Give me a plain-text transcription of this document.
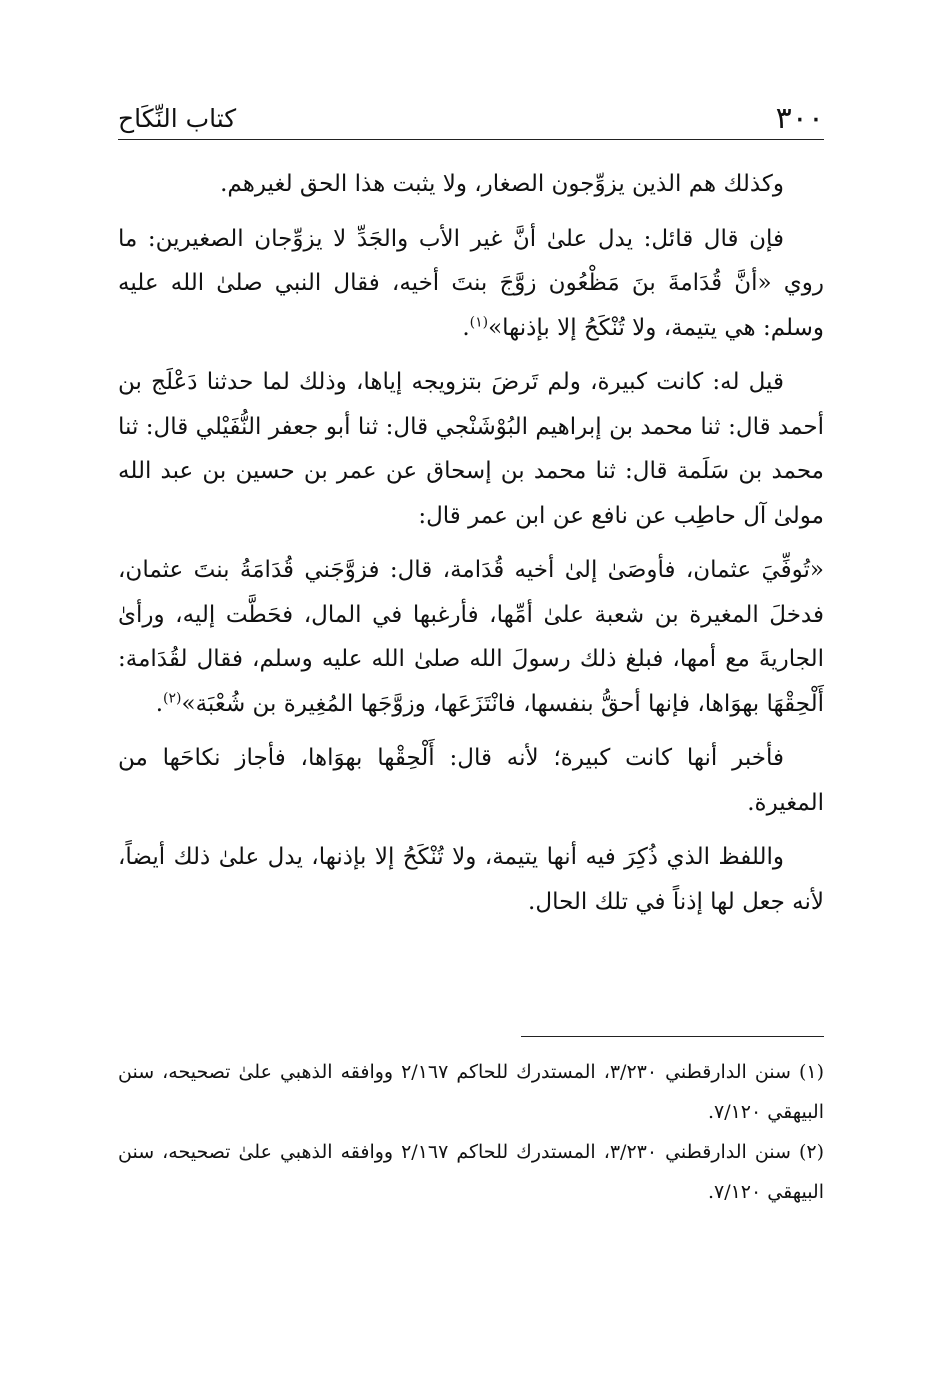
٣٠٠
كتاب النِّكَاح

وكذلك هم الذين يزوِّجون الصغار، ولا يثبت هذا الحق لغيرهم.

فإن قال قائل: يدل علىٰ أنَّ غير الأب والجَدِّ لا يزوِّجان الصغيرين: ما روي «أنَّ قُدَامةَ بنَ مَظْعُون زوَّجَ بنتَ أخيه، فقال النبي صلىٰ الله عليه وسلم: هي يتيمة، ولا تُنْكَحُ إلا بإذنها»$^{(١)}$.

قيل له: كانت كبيرة، ولم تَرضَ بتزويجه إياها، وذلك لما حدثنا دَعْلَج بن أحمد قال: ثنا محمد بن إبراهيم البُوْشَنْجي قال: ثنا أبو جعفر النُّفَيْلي قال: ثنا محمد بن سَلَمة قال: ثنا محمد بن إسحاق عن عمر بن حسين بن عبد الله مولىٰ آل حاطِب عن نافع عن ابن عمر قال:

«تُوفِّيَ عثمان، فأوصَىٰ إلىٰ أخيه قُدَامة، قال: فزوَّجَني قُدَامَةُ بنتَ عثمان، فدخلَ المغيرة بن شعبة علىٰ أمِّها، فأرغبها في المال، فحَطَّت إليه، ورأىٰ الجاريةَ مع أمها، فبلغ ذلك رسولَ الله صلىٰ الله عليه وسلم، فقال لقُدَامة: أَلْحِقْهَا بهوَاها، فإنها أحقُّ بنفسها، فانْتَزَعَها، وزوَّجَها المُغِيرة بن شُعْبَة»$^{(٢)}$.

فأخبر أنها كانت كبيرة؛ لأنه قال: أَلْحِقْها بهوَاها، فأجاز نكاحَها من المغيرة.

واللفظ الذي ذُكِرَ فيه أنها يتيمة، ولا تُنْكَحُ إلا بإذنها، يدل علىٰ ذلك أيضاً، لأنه جعل لها إذناً في تلك الحال.

(١) سنن الدارقطني ٣/٢٣٠، المستدرك للحاكم ٢/١٦٧ ووافقه الذهبي علىٰ تصحيحه، سنن البيهقي ٧/١٢٠.

(٢) سنن الدارقطني ٣/٢٣٠، المستدرك للحاكم ٢/١٦٧ ووافقه الذهبي علىٰ تصحيحه، سنن البيهقي ٧/١٢٠.
